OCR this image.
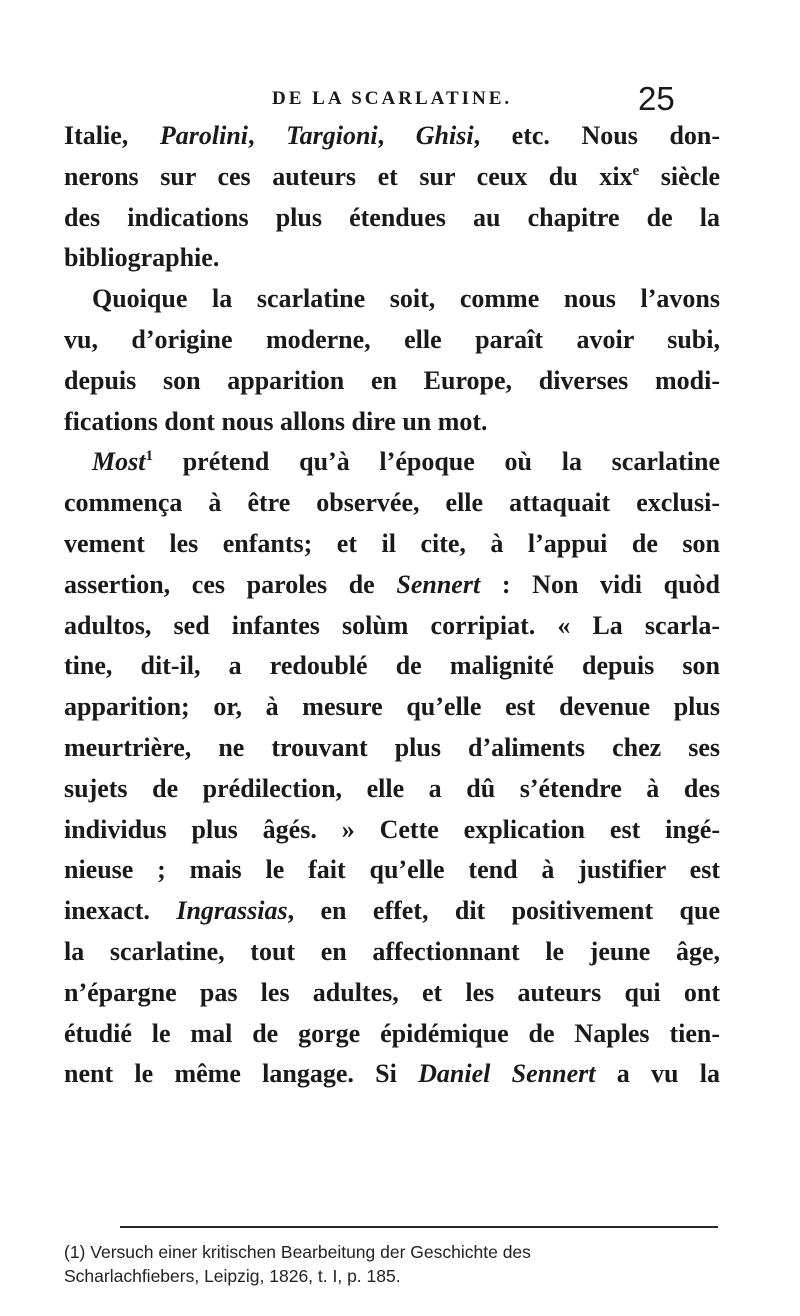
DE LA SCARLATINE.	25
Italie, Parolini, Targioni, Ghisi, etc. Nous don-
nerons sur ces auteurs et sur ceux du xix$^e$ siècle
des indications plus étendues au chapitre de la
bibliographie.
Quoique la scarlatine soit, comme nous l’avons
vu, d’origine moderne, elle paraît avoir subi,
depuis son apparition en Europe, diverses modi-
fications dont nous allons dire un mot.
Most$^1$ prétend qu’à l’époque où la scarlatine
commença à être observée, elle attaquait exclusi-
vement les enfants; et il cite, à l’appui de son
assertion, ces paroles de Sennert : Non vidi quòd
adultos, sed infantes solùm corripiat. « La scarla-
tine, dit-il, a redoublé de malignité depuis son
apparition; or, à mesure qu’elle est devenue plus
meurtrière, ne trouvant plus d’aliments chez ses
sujets de prédilection, elle a dû s’étendre à des
individus plus âgés. » Cette explication est ingé-
nieuse ; mais le fait qu’elle tend à justifier est
inexact. Ingrassias, en effet, dit positivement que
la scarlatine, tout en affectionnant le jeune âge,
n’épargne pas les adultes, et les auteurs qui ont
étudié le mal de gorge épidémique de Naples tien-
nent le même langage. Si Daniel Sennert a vu la
(1) Versuch einer kritischen Bearbeitung der Geschichte des
Scharlachfiebers, Leipzig, 1826, t. I, p. 185.
